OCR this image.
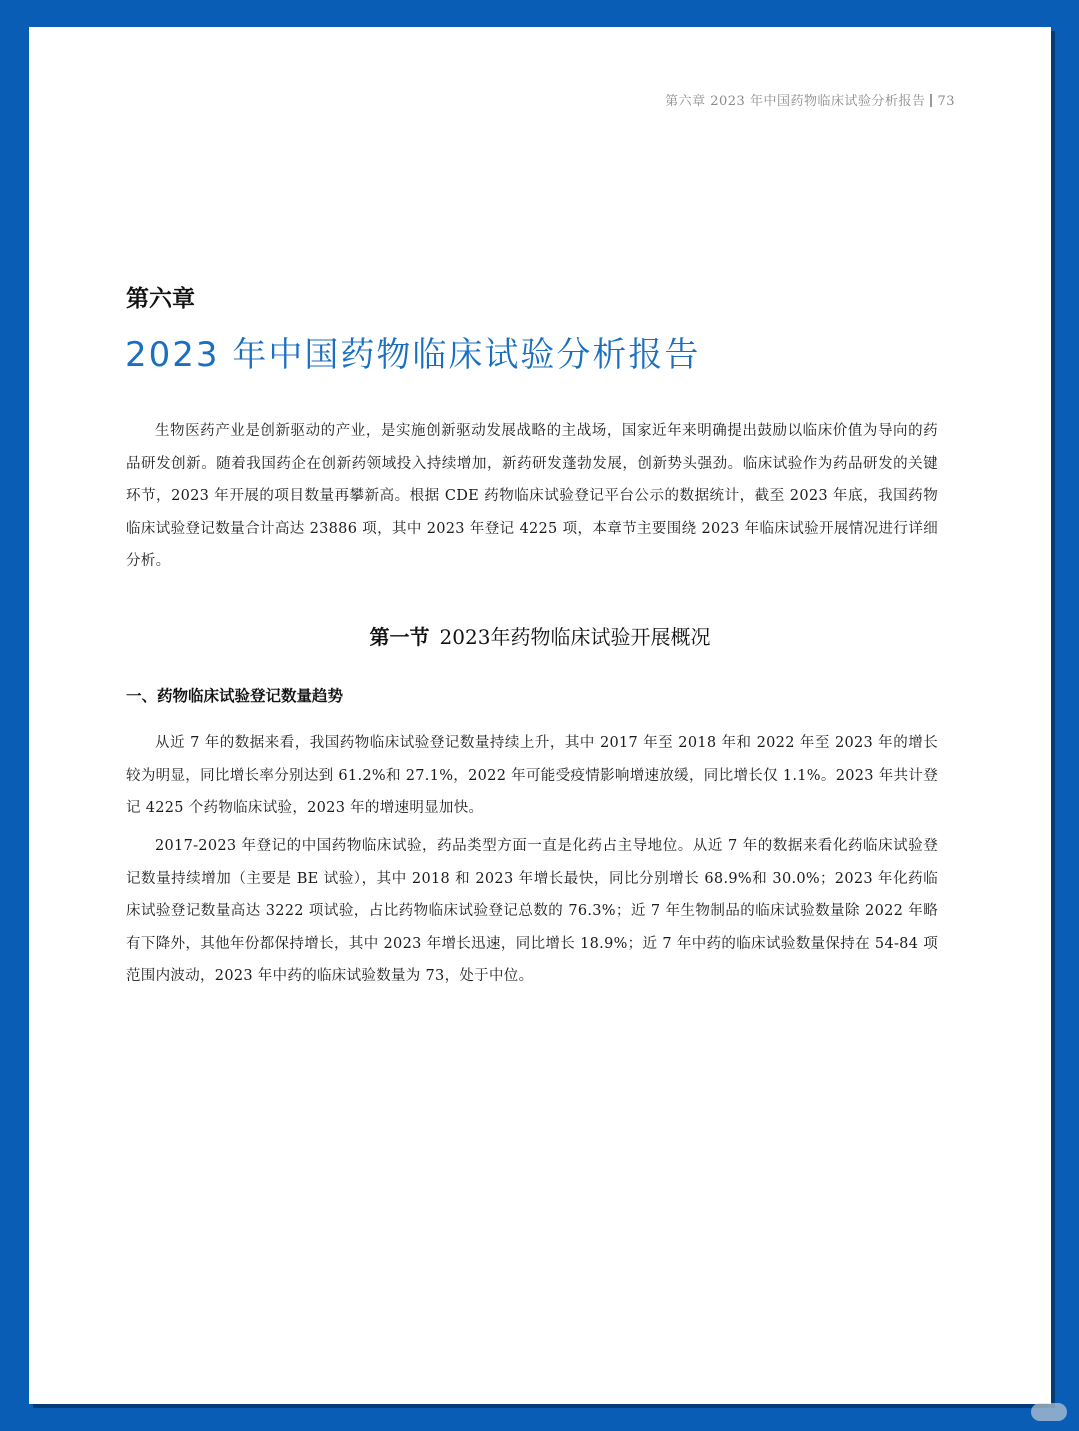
第六章 2023 年中国药物临床试验分析报告 73
第六章
2023 年中国药物临床试验分析报告

生物医药产业是创新驱动的产业，是实施创新驱动发展战略的主战场，国家近年来明确提出鼓励以临床价值为导向的药品研发创新。随着我国药企在创新药领域投入持续增加，新药研发蓬勃发展，创新势头强劲。临床试验作为药品研发的关键环节，2023 年开展的项目数量再攀新高。根据 CDE 药物临床试验登记平台公示的数据统计，截至 2023 年底，我国药物临床试验登记数量合计高达 23886 项，其中 2023 年登记 4225 项，本章节主要围绕 2023 年临床试验开展情况进行详细分析。

第一节 2023年药物临床试验开展概况
一、药物临床试验登记数量趋势

从近 7 年的数据来看，我国药物临床试验登记数量持续上升，其中 2017 年至 2018 年和 2022 年至 2023 年的增长较为明显，同比增长率分别达到 61.2%和 27.1%，2022 年可能受疫情影响增速放缓，同比增长仅 1.1%。2023 年共计登记 4225 个药物临床试验，2023 年的增速明显加快。

2017-2023 年登记的中国药物临床试验，药品类型方面一直是化药占主导地位。从近 7 年的数据来看化药临床试验登记数量持续增加（主要是 BE 试验），其中 2018 和 2023 年增长最快，同比分别增长 68.9%和 30.0%；2023 年化药临床试验登记数量高达 3222 项试验，占比药物临床试验登记总数的 76.3%；近 7 年生物制品的临床试验数量除 2022 年略有下降外，其他年份都保持增长，其中 2023 年增长迅速，同比增长 18.9%；近 7 年中药的临床试验数量保持在 54-84 项范围内波动，2023 年中药的临床试验数量为 73，处于中位。
